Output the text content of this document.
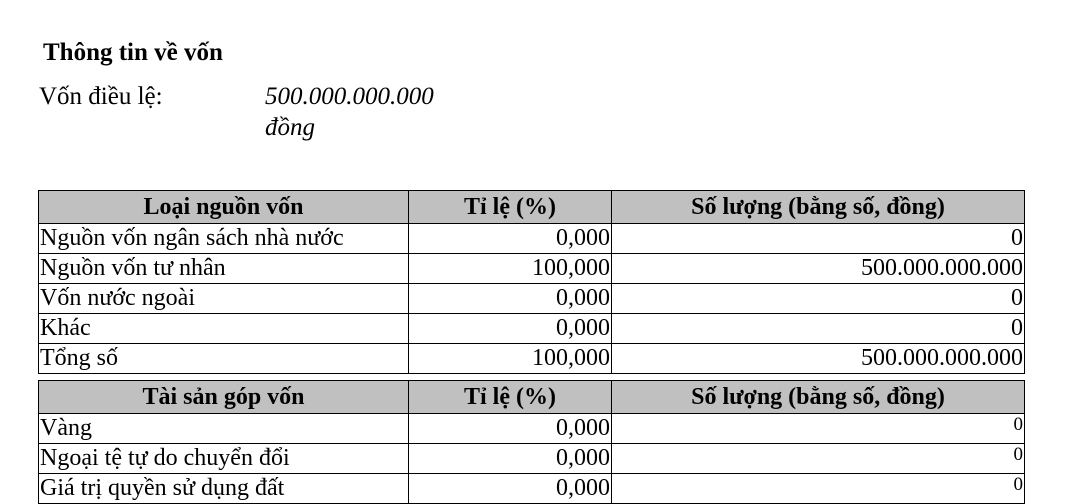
Thông tin về vốn
Vốn điều lệ:	500.000.000.000 đồng
Loại nguồn vốn	Tỉ lệ (%)	Số lượng (bằng số, đồng)
Nguồn vốn ngân sách nhà nước	0,000	0
Nguồn vốn tư nhân	100,000	500.000.000.000
Vốn nước ngoài	0,000	0
Khác	0,000	0
Tổng số	100,000	500.000.000.000
Tài sản góp vốn	Tỉ lệ (%)	Số lượng (bằng số, đồng)
Vàng	0,000	0
Ngoại tệ tự do chuyển đổi	0,000	0
Giá trị quyền sử dụng đất	0,000	0
